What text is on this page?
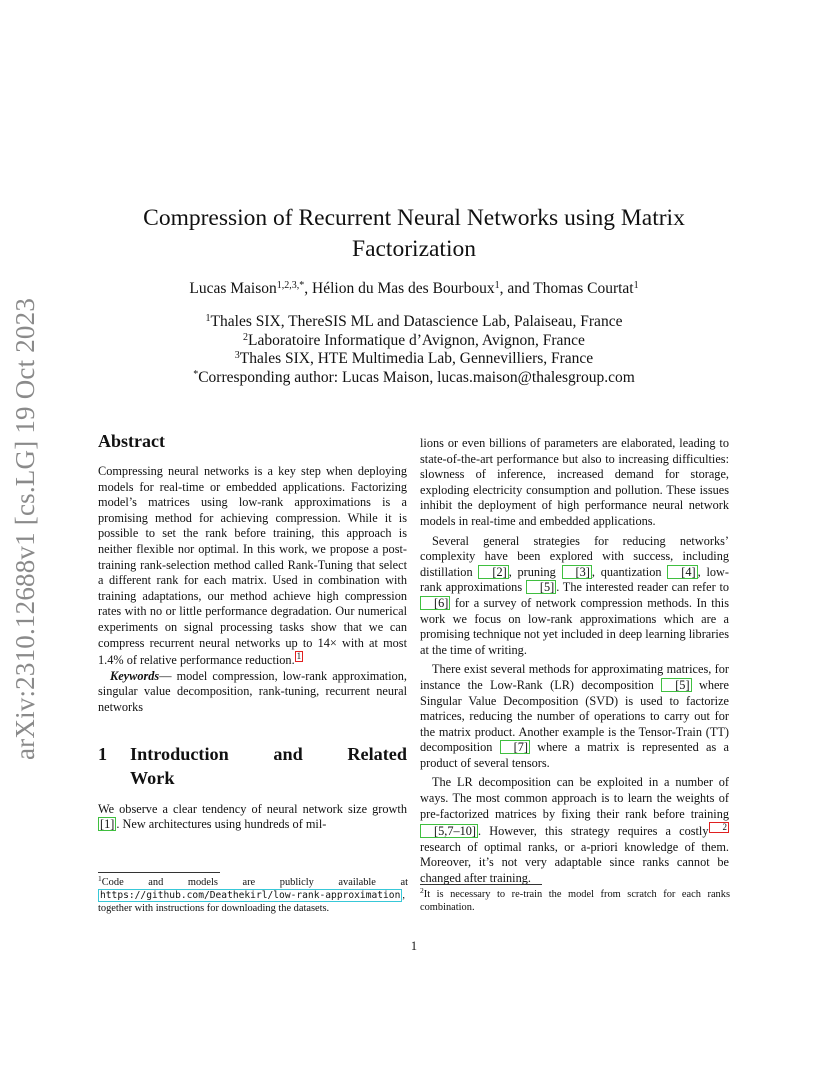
arXiv:2310.12688v1 [cs.LG] 19 Oct 2023
Compression of Recurrent Neural Networks using Matrix Factorization
Lucas Maison$^{1,2,3,*}$, Hélion du Mas des Bourboux$^1$, and Thomas Courtat$^1$
$^1$Thales SIX, ThereSIS ML and Datascience Lab, Palaiseau, France
$^2$Laboratoire Informatique d’Avignon, Avignon, France
$^3$Thales SIX, HTE Multimedia Lab, Gennevilliers, France
*Corresponding author: Lucas Maison, lucas.maison@thalesgroup.com
Abstract

Compressing neural networks is a key step when deploying models for real-time or embedded applications. Factorizing model’s matrices using low-rank approximations is a promising method for achieving compression. While it is possible to set the rank before training, this approach is neither flexible nor optimal. In this work, we propose a post-training rank-selection method called Rank-Tuning that select a different rank for each matrix. Used in combination with training adaptations, our method achieve high compression rates with no or little performance degradation. Our numerical experiments on signal processing tasks show that we can compress recurrent neural networks up to 14× with at most 1.4% of relative performance reduction. 1

Keywords— model compression, low-rank approximation, singular value decomposition, rank-tuning, recurrent neural networks

1	Introduction and Related
Work

We observe a clear tendency of neural network size growth [1] . New architectures using hundreds of mil-

lions or even billions of parameters are elaborated, leading to state-of-the-art performance but also to increasing difficulties: slowness of inference, increased demand for storage, exploding electricity consumption and pollution. These issues inhibit the deployment of high performance neural network models in real-time and embedded applications.

Several general strategies for reducing networks’ complexity have been explored with success, including distillation [2] , pruning [3] , quantization [4] , low-rank approximations [5] . The interested reader can refer to [6] for a survey of network compression methods. In this work we focus on low-rank approximations which are a promising technique not yet included in deep learning libraries at the time of writing.

There exist several methods for approximating matrices, for instance the Low-Rank (LR) decomposition [5] where Singular Value Decomposition (SVD) is used to factorize matrices, reducing the number of operations to carry out for the matrix product. Another example is the Tensor-Train (TT) decomposition [7] where a matrix is represented as a product of several tensors.

The LR decomposition can be exploited in a number of ways. The most common approach is to learn the weights of pre-factorized matrices by fixing their rank before training [5,7–10] . However, this strategy requires a costly 2 research of optimal ranks, or a-priori knowledge of them. Moreover, it’s not very adaptable since ranks cannot be changed after training.

$^1$Code and models are publicly available at https://github.com/Deathekirl/low-rank-approximation , together with instructions for downloading the datasets.
$^2$It is necessary to re-train the model from scratch for each ranks combination.
1
